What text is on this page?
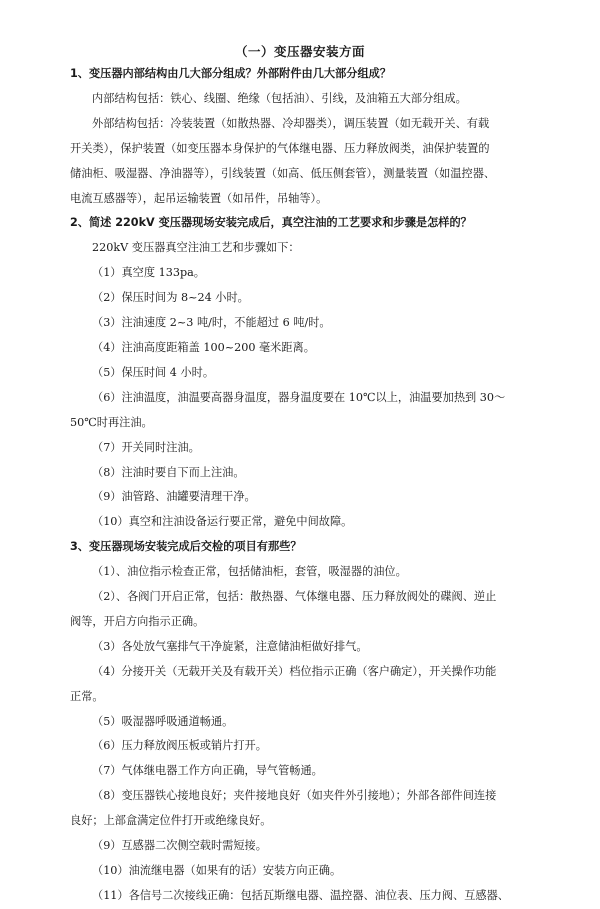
（一）变压器安装方面
1、变压器内部结构由几大部分组成？外部附件由几大部分组成？
内部结构包括：铁心、线圈、绝缘（包括油）、引线，及油箱五大部分组成。
外部结构包括：冷装装置（如散热器、冷却器类），调压装置（如无载开关、有载
开关类），保护装置（如变压器本身保护的气体继电器、压力释放阀类，油保护装置的
储油柜、吸湿器、净油器等），引线装置（如高、低压侧套管），测量装置（如温控器、
电流互感器等），起吊运输装置（如吊件，吊轴等）。
2、简述 220kV 变压器现场安装完成后，真空注油的工艺要求和步骤是怎样的？
220kV 变压器真空注油工艺和步骤如下：
（1）真空度 133pa。
（2）保压时间为 8~24 小时。
（3）注油速度 2~3 吨/时，不能超过 6 吨/时。
（4）注油高度距箱盖 100~200 毫米距离。
（5）保压时间 4 小时。
（6）注油温度，油温要高器身温度，器身温度要在 10℃以上，油温要加热到 30～
50℃时再注油。
（7）开关同时注油。
（8）注油时要自下而上注油。
（9）油管路、油罐要清理干净。
（10）真空和注油设备运行要正常，避免中间故障。
3、变压器现场安装完成后交检的项目有那些？
（1）、油位指示检查正常，包括储油柜，套管，吸湿器的油位。
（2）、各阀门开启正常，包括：散热器、气体继电器、压力释放阀处的碟阀、逆止
阀等，开启方向指示正确。
（3）各处放气塞排气干净旋紧，注意储油柜做好排气。
（4）分接开关（无载开关及有载开关）档位指示正确（客户确定），开关操作功能
正常。
（5）吸湿器呼吸通道畅通。
（6）压力释放阀压板或销片打开。
（7）气体继电器工作方向正确，导气管畅通。
（8）变压器铁心接地良好；夹件接地良好（如夹件外引接地）；外部各部件间连接
良好；上部盒满定位件打开或绝缘良好。
（9）互感器二次侧空载时需短接。
（10）油流继电器（如果有的话）安装方向正确。
（11）各信号二次接线正确：包括瓦斯继电器、温控器、油位表、压力阀、互感器、
